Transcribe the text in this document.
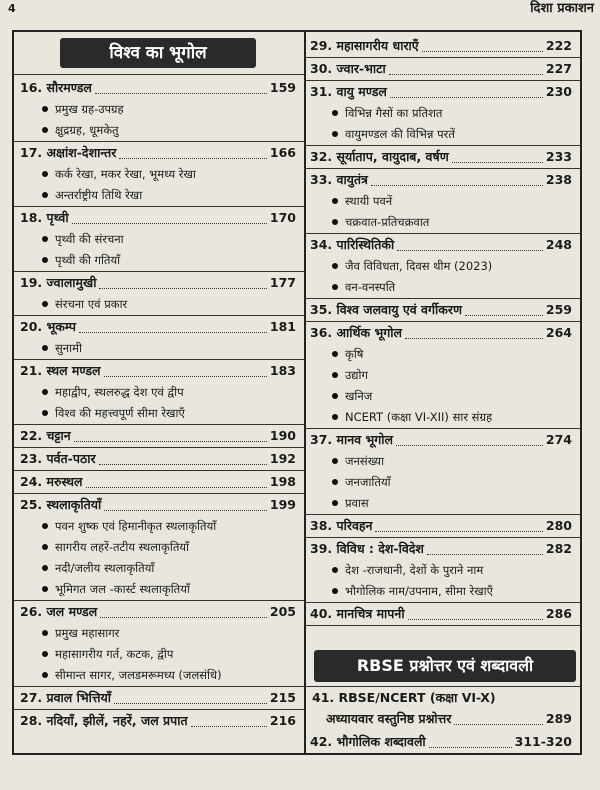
4	दिशा प्रकाशन
विश्व का भूगोल
16. सौरमण्डल	159
प्रमुख ग्रह-उपग्रह
क्षुद्रग्रह, धूमकेतु
17. अक्षांश-देशान्तर	166
कर्क रेखा, मकर रेखा, भूमध्य रेखा
अन्तर्राष्ट्रीय तिथि रेखा
18. पृथ्वी	170
पृथ्वी की संरचना
पृथ्वी की गतियाँ
19. ज्वालामुखी	177
संरचना एवं प्रकार
20. भूकम्प	181
सुनामी
21. स्थल मण्डल	183
महाद्वीप, स्थलरुद्ध देश एवं द्वीप
विश्व की महत्त्वपूर्ण सीमा रेखाएँ
22. चट्टान	190
23. पर्वत-पठार	192
24. मरुस्थल	198
25. स्थलाकृतियाँ	199
पवन शुष्क एवं हिमानीकृत स्थलाकृतियाँ
सागरीय लहरें-तटीय स्थलाकृतियाँ
नदी/जलीय स्थलाकृतियाँ
भूमिगत जल -कार्स्ट स्थलाकृतियाँ
26. जल मण्डल	205
प्रमुख महासागर
महासागरीय गर्त, कटक, द्वीप
सीमान्त सागर, जलडमरूमध्य (जलसंधि)
27. प्रवाल भित्तियाँ	215
28. नदियाँ, झीलें, नहरें, जल प्रपात	216
RBSE प्रश्नोत्तर एवं शब्दावली
29. महासागरीय धाराएँ	222
30. ज्वार-भाटा	227
31. वायु मण्डल	230
विभिन्न गैसों का प्रतिशत
वायुमण्डल की विभिन्न परतें
32. सूर्याताप, वायुदाब, वर्षण	233
33. वायुतंत्र	238
स्थायी पवनें
चक्रवात-प्रतिचक्रवात
34. पारिस्थितिकी	248
जैव विविधता, दिवस थीम (2023)
वन-वनस्पति
35. विश्व जलवायु एवं वर्गीकरण	259
36. आर्थिक भूगोल	264
कृषि
उद्योग
खनिज
NCERT (कक्षा VI-XII) सार संग्रह
37. मानव भूगोल	274
जनसंख्या
जनजातियाँ
प्रवास
38. परिवहन	280
39. विविध : देश-विदेश	282
देश -राजधानी, देशों के पुराने नाम
भौगोलिक नाम/उपनाम, सीमा रेखाएँ
40. मानचित्र मापनी	286
41. RBSE/NCERT (कक्षा VI-X)
अध्यायवार वस्तुनिष्ठ प्रश्नोत्तर	289
42. भौगोलिक शब्दावली	311-320
